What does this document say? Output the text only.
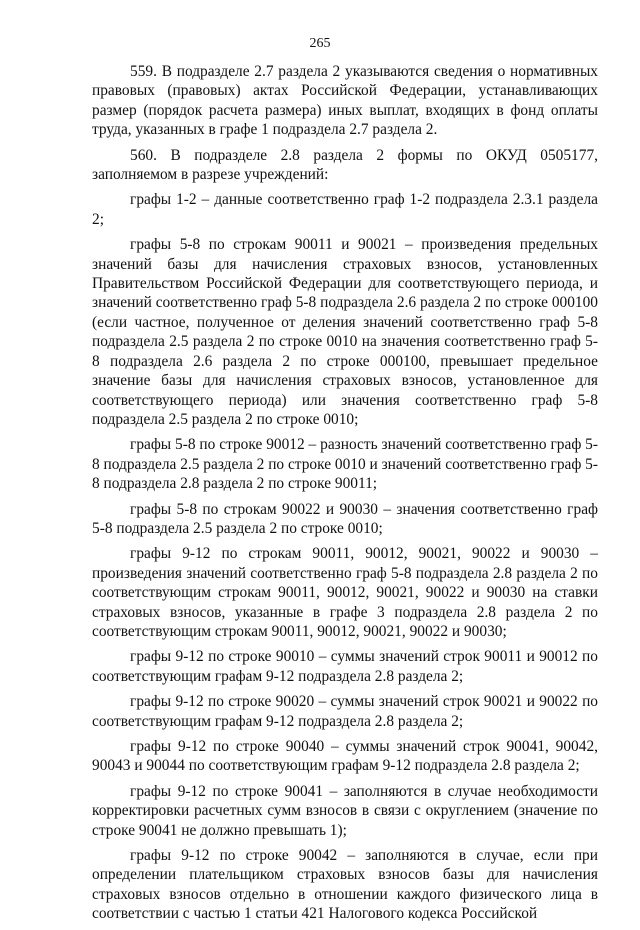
265

559. В подразделе 2.7 раздела 2 указываются сведения о нормативных правовых (правовых) актах Российской Федерации, устанавливающих размер (порядок расчета размера) иных выплат, входящих в фонд оплаты труда, указанных в графе 1 подраздела 2.7 раздела 2.

560. В подразделе 2.8 раздела 2 формы по ОКУД 0505177, заполняемом в разрезе учреждений:

графы 1-2 – данные соответственно граф 1-2 подраздела 2.3.1 раздела 2;

графы 5-8 по строкам 90011 и 90021 – произведения предельных значений базы для начисления страховых взносов, установленных Правительством Российской Федерации для соответствующего периода, и значений соответственно граф 5-8 подраздела 2.6 раздела 2 по строке 000100 (если частное, полученное от деления значений соответственно граф 5-8 подраздела 2.5 раздела 2 по строке 0010 на значения соответственно граф 5-8 подраздела 2.6 раздела 2 по строке 000100, превышает предельное значение базы для начисления страховых взносов, установленное для соответствующего периода) или значения соответственно граф 5-8 подраздела 2.5 раздела 2 по строке 0010;

графы 5-8 по строке 90012 – разность значений соответственно граф 5-8 подраздела 2.5 раздела 2 по строке 0010 и значений соответственно граф 5-8 подраздела 2.8 раздела 2 по строке 90011;

графы 5-8 по строкам 90022 и 90030 – значения соответственно граф 5-8 подраздела 2.5 раздела 2 по строке 0010;

графы 9-12 по строкам 90011, 90012, 90021, 90022 и 90030 – произведения значений соответственно граф 5-8 подраздела 2.8 раздела 2 по соответствующим строкам 90011, 90012, 90021, 90022 и 90030 на ставки страховых взносов, указанные в графе 3 подраздела 2.8 раздела 2 по соответствующим строкам 90011, 90012, 90021, 90022 и 90030;

графы 9-12 по строке 90010 – суммы значений строк 90011 и 90012 по соответствующим графам 9-12 подраздела 2.8 раздела 2;

графы 9-12 по строке 90020 – суммы значений строк 90021 и 90022 по соответствующим графам 9-12 подраздела 2.8 раздела 2;

графы 9-12 по строке 90040 – суммы значений строк 90041, 90042, 90043 и 90044 по соответствующим графам 9-12 подраздела 2.8 раздела 2;

графы 9-12 по строке 90041 – заполняются в случае необходимости корректировки расчетных сумм взносов в связи с округлением (значение по строке 90041 не должно превышать 1);

графы 9-12 по строке 90042 – заполняются в случае, если при определении плательщиком страховых взносов базы для начисления страховых взносов отдельно в отношении каждого физического лица в соответствии с частью 1 статьи 421 Налогового кодекса Российской
